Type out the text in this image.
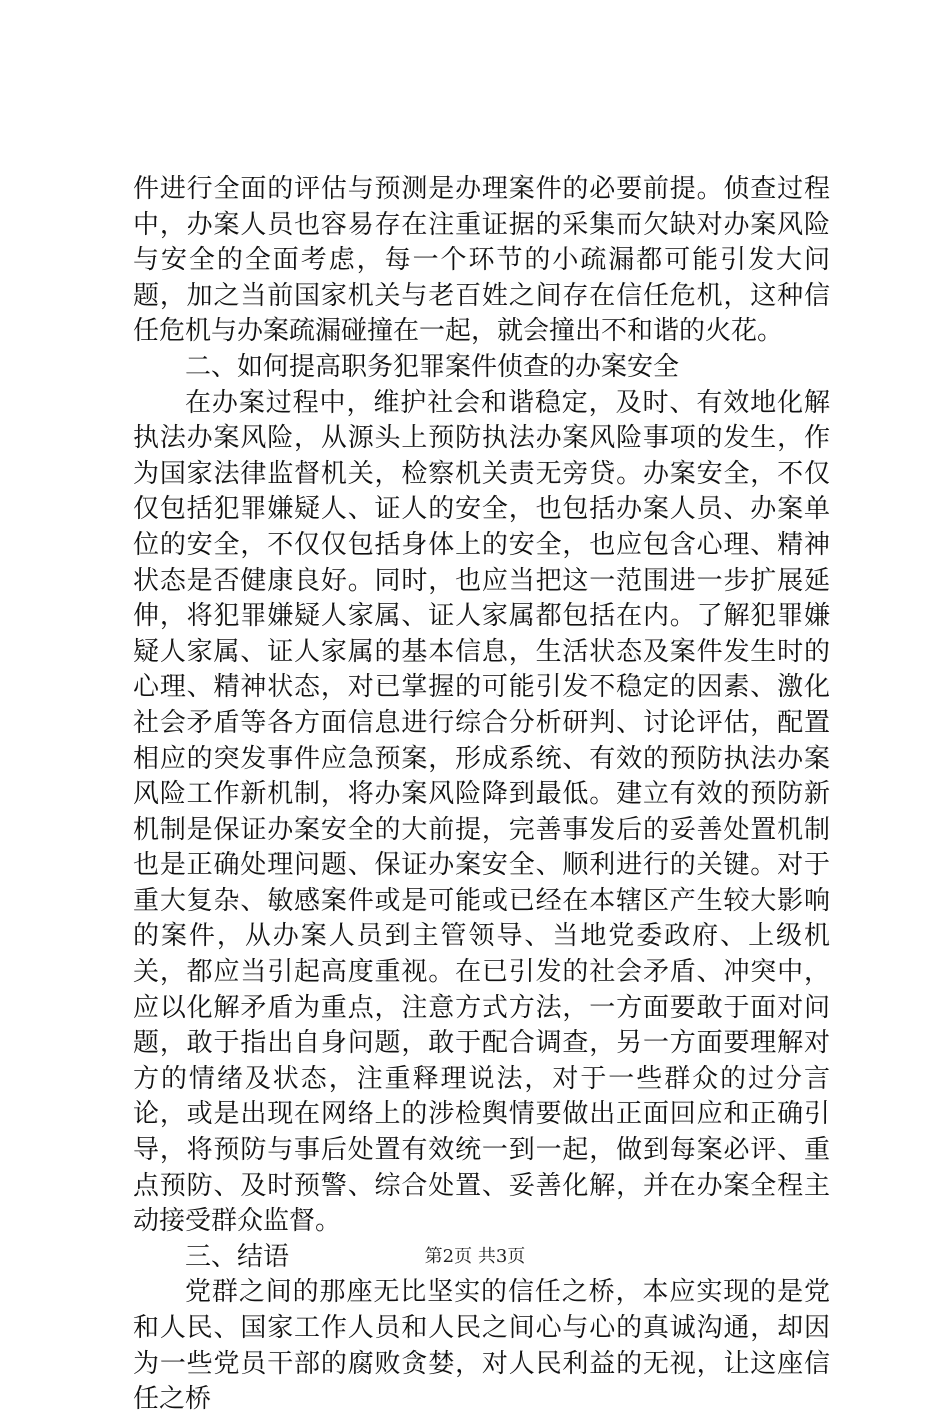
件进行全面的评估与预测是办理案件的必要前提。侦查过程中，办案人员也容易存在注重证据的采集而欠缺对办案风险与安全的全面考虑，每一个环节的小疏漏都可能引发大问题，加之当前国家机关与老百姓之间存在信任危机，这种信任危机与办案疏漏碰撞在一起，就会撞出不和谐的火花。

二、如何提高职务犯罪案件侦查的办案安全

在办案过程中，维护社会和谐稳定，及时、有效地化解执法办案风险，从源头上预防执法办案风险事项的发生，作为国家法律监督机关，检察机关责无旁贷。办案安全，不仅仅包括犯罪嫌疑人、证人的安全，也包括办案人员、办案单位的安全，不仅仅包括身体上的安全，也应包含心理、精神状态是否健康良好。同时，也应当把这一范围进一步扩展延伸，将犯罪嫌疑人家属、证人家属都包括在内。了解犯罪嫌疑人家属、证人家属的基本信息，生活状态及案件发生时的心理、精神状态，对已掌握的可能引发不稳定的因素、激化社会矛盾等各方面信息进行综合分析研判、讨论评估，配置相应的突发事件应急预案，形成系统、有效的预防执法办案风险工作新机制，将办案风险降到最低。建立有效的预防新机制是保证办案安全的大前提，完善事发后的妥善处置机制也是正确处理问题、保证办案安全、顺利进行的关键。对于重大复杂、敏感案件或是可能或已经在本辖区产生较大影响的案件，从办案人员到主管领导、当地党委政府、上级机关，都应当引起高度重视。在已引发的社会矛盾、冲突中，应以化解矛盾为重点，注意方式方法，一方面要敢于面对问题，敢于指出自身问题，敢于配合调查，另一方面要理解对方的情绪及状态，注重释理说法，对于一些群众的过分言论，或是出现在网络上的涉检舆情要做出正面回应和正确引导，将预防与事后处置有效统一到一起，做到每案必评、重点预防、及时预警、综合处置、妥善化解，并在办案全程主动接受群众监督。

三、结语

党群之间的那座无比坚实的信任之桥，本应实现的是党和人民、国家工作人员和人民之间心与心的真诚沟通，却因为一些党员干部的腐败贪婪，对人民利益的无视，让这座信任之桥

第2页 共3页
